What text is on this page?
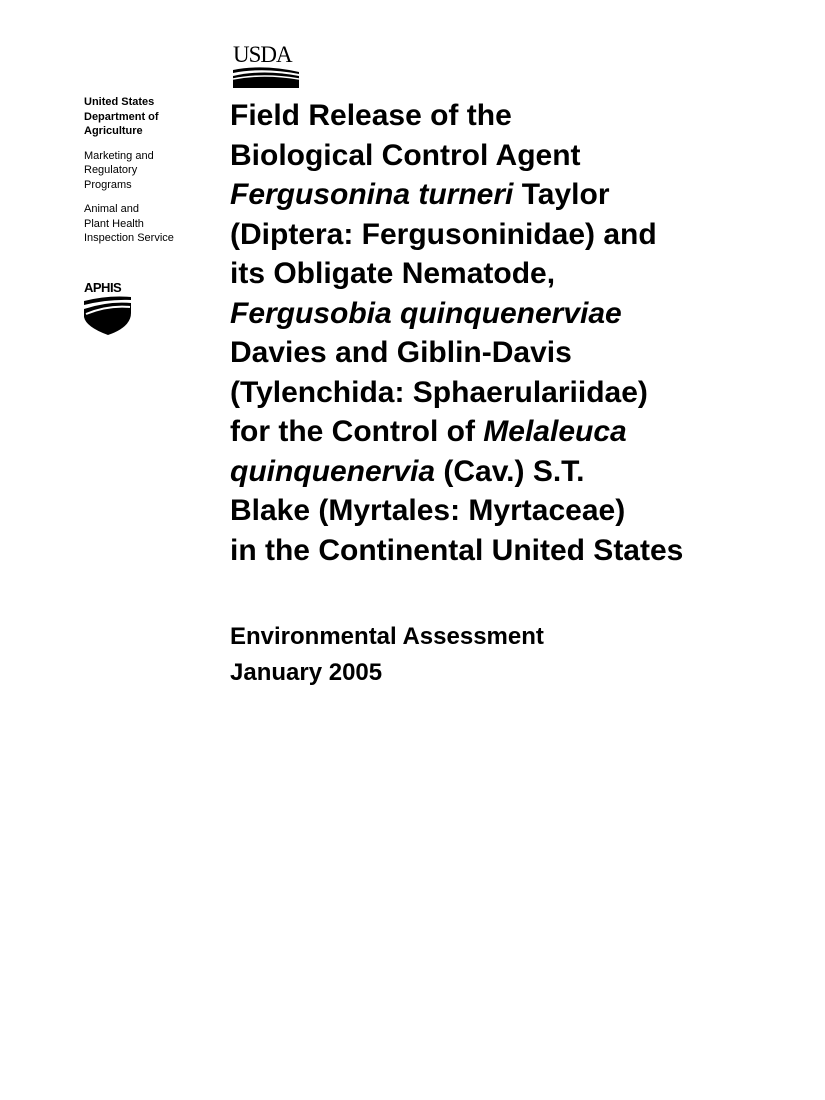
USDA
United States
Department of
Agriculture
Marketing and
Regulatory
Programs
Animal and
Plant Health
Inspection Service
APHIS
Field Release of the
Biological Control Agent
Fergusonina turneri Taylor
(Diptera: Fergusoninidae) and
its Obligate Nematode,
Fergusobia quinquenerviae
Davies and Giblin-Davis
(Tylenchida: Sphaerulariidae)
for the Control of Melaleuca
quinquenervia (Cav.) S.T.
Blake (Myrtales: Myrtaceae)
in the Continental United States
Environmental Assessment
January 2005
